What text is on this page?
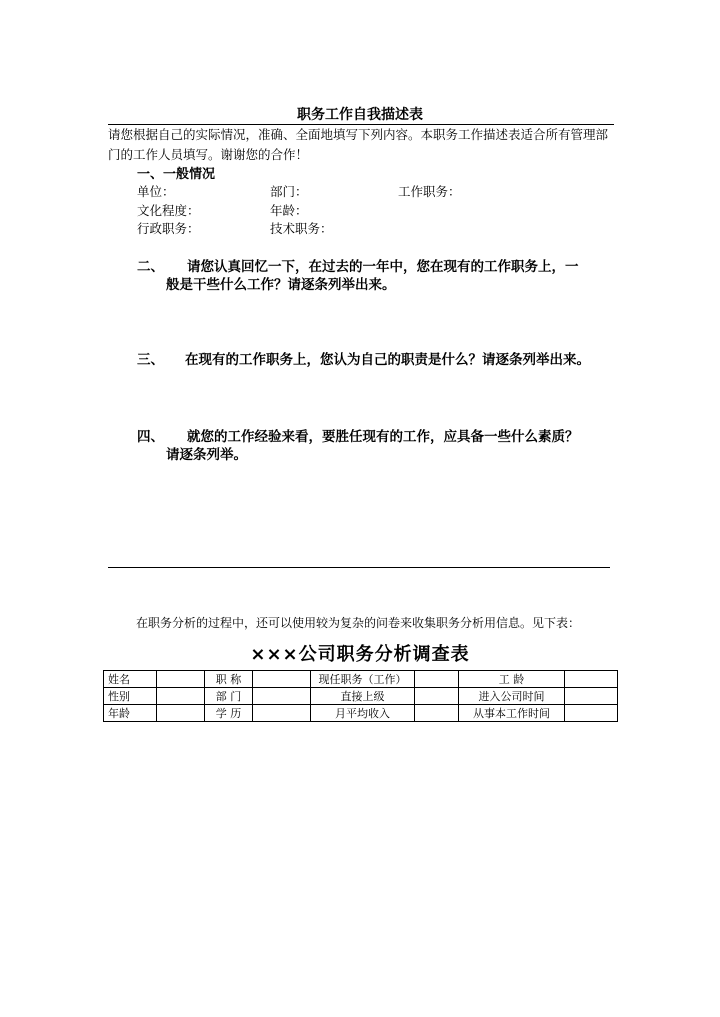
职务工作自我描述表
请您根据自己的实际情况，准确、全面地填写下列内容。本职务工作描述表适合所有管理部
门的工作人员填写。谢谢您的合作！
一、一般情况
单位：	部门：	工作职务：
文化程度：	年龄：
行政职务：	技术职务：
二、	请您认真回忆一下，在过去的一年中，您在现有的工作职务上，一
般是干些什么工作？请逐条列举出来。
三、	在现有的工作职务上，您认为自己的职责是什么？请逐条列举出来。
四、	就您的工作经验来看，要胜任现有的工作，应具备一些什么素质？
请逐条列举。
在职务分析的过程中，还可以使用较为复杂的问卷来收集职务分析用信息。见下表：
×××公司职务分析调查表
姓名		职 称		现任职务（工作）		工 龄	
性别		部 门		直接上级		进入公司时间	
年龄		学 历		月平均收入		从事本工作时间	
